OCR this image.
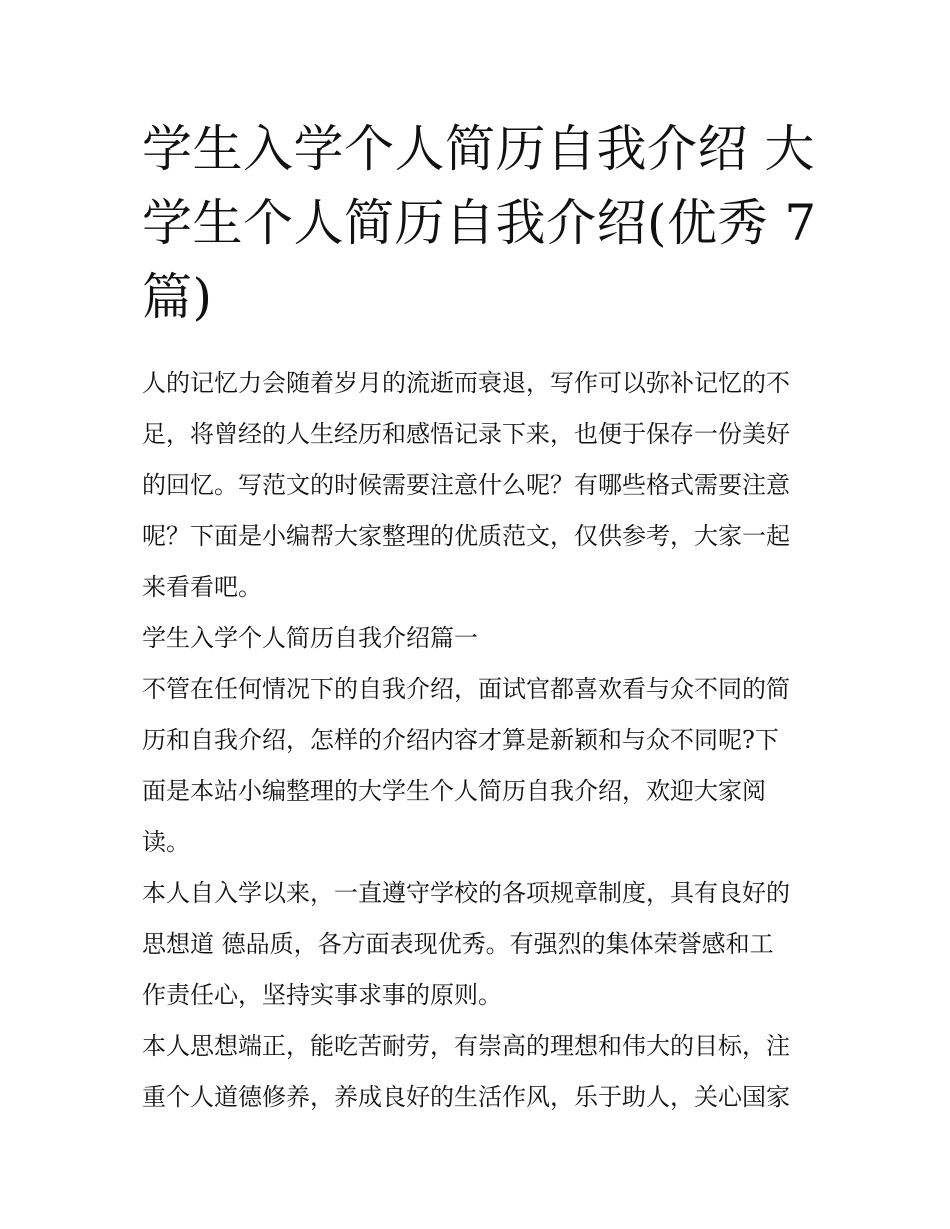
学生入学个人简历自我介绍 大
学生个人简历自我介绍(优秀 7
篇)

人的记忆力会随着岁月的流逝而衰退，写作可以弥补记忆的不
足，将曾经的人生经历和感悟记录下来，也便于保存一份美好
的回忆。写范文的时候需要注意什么呢？有哪些格式需要注意
呢？下面是小编帮大家整理的优质范文，仅供参考，大家一起
来看看吧。

学生入学个人简历自我介绍篇一

不管在任何情况下的自我介绍，面试官都喜欢看与众不同的简
历和自我介绍，怎样的介绍内容才算是新颖和与众不同呢?下
面是本站小编整理的大学生个人简历自我介绍，欢迎大家阅
读。

本人自入学以来，一直遵守学校的各项规章制度，具有良好的
思想道 德品质，各方面表现优秀。有强烈的集体荣誉感和工
作责任心，坚持实事求事的原则。

本人思想端正，能吃苦耐劳，有崇高的理想和伟大的目标，注
重个人道德修养，养成良好的生活作风，乐于助人，关心国家
